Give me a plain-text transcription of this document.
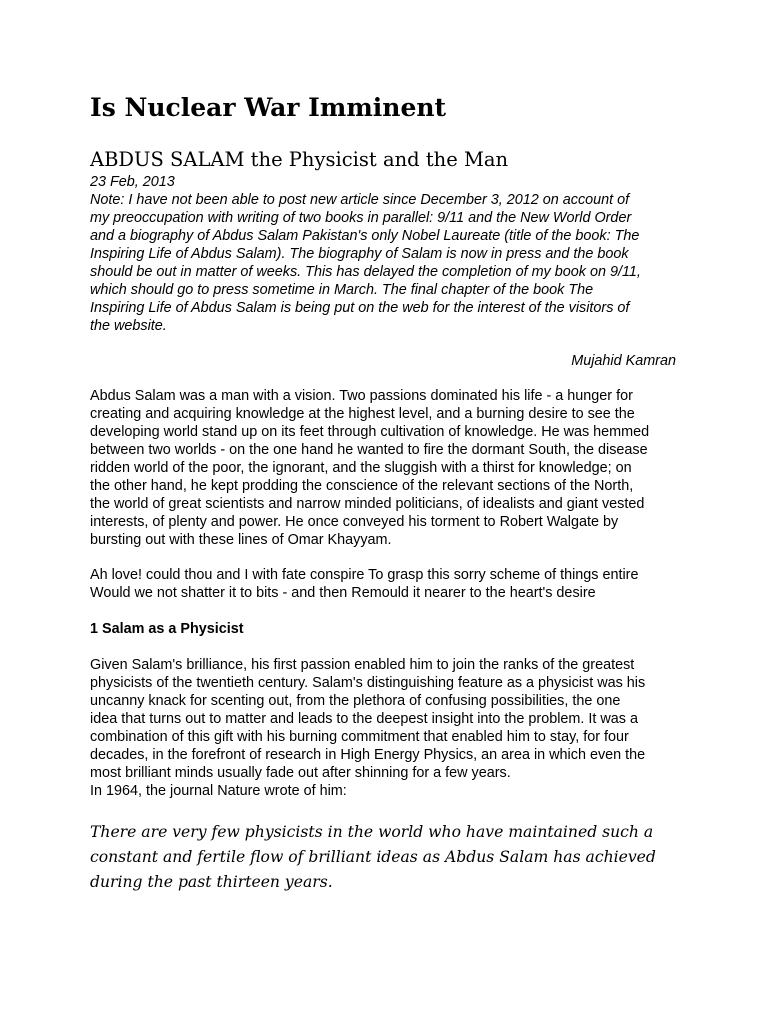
Is Nuclear War Imminent
ABDUS SALAM the Physicist and the Man
23 Feb, 2013
Note: I have not been able to post new article since December 3, 2012 on account of
my preoccupation with writing of two books in parallel: 9/11 and the New World Order
and a biography of Abdus Salam Pakistan's only Nobel Laureate (title of the book: The
Inspiring Life of Abdus Salam). The biography of Salam is now in press and the book
should be out in matter of weeks. This has delayed the completion of my book on 9/11,
which should go to press sometime in March. The final chapter of the book The
Inspiring Life of Abdus Salam is being put on the web for the interest of the visitors of
the website.
Mujahid Kamran
Abdus Salam was a man with a vision. Two passions dominated his life - a hunger for
creating and acquiring knowledge at the highest level, and a burning desire to see the
developing world stand up on its feet through cultivation of knowledge. He was hemmed
between two worlds - on the one hand he wanted to fire the dormant South, the disease
ridden world of the poor, the ignorant, and the sluggish with a thirst for knowledge; on
the other hand, he kept prodding the conscience of the relevant sections of the North,
the world of great scientists and narrow minded politicians, of idealists and giant vested
interests, of plenty and power. He once conveyed his torment to Robert Walgate by
bursting out with these lines of Omar Khayyam.
Ah love! could thou and I with fate conspire To grasp this sorry scheme of things entire
Would we not shatter it to bits - and then Remould it nearer to the heart's desire
1 Salam as a Physicist
Given Salam's brilliance, his first passion enabled him to join the ranks of the greatest
physicists of the twentieth century. Salam's distinguishing feature as a physicist was his
uncanny knack for scenting out, from the plethora of confusing possibilities, the one
idea that turns out to matter and leads to the deepest insight into the problem. It was a
combination of this gift with his burning commitment that enabled him to stay, for four
decades, in the forefront of research in High Energy Physics, an area in which even the
most brilliant minds usually fade out after shinning for a few years.
In 1964, the journal Nature wrote of him:
There are very few physicists in the world who have maintained such a
constant and fertile flow of brilliant ideas as Abdus Salam has achieved
during the past thirteen years.
